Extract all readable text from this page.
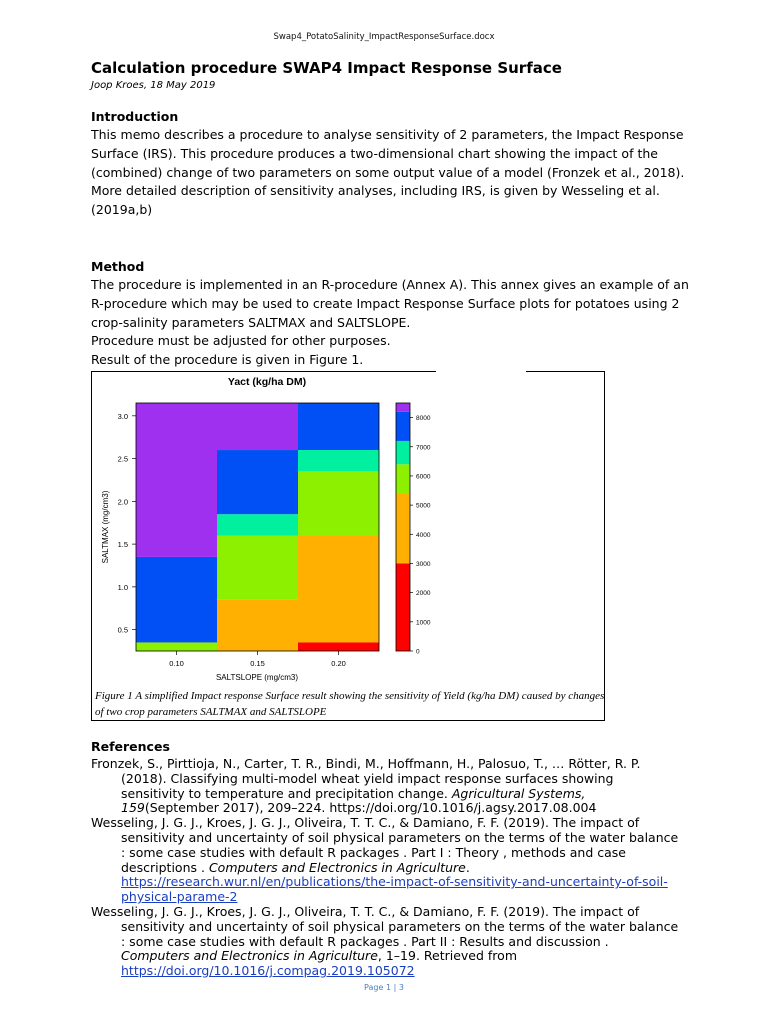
Swap4_PotatoSalinity_ImpactResponseSurface.docx
Calculation procedure SWAP4 Impact Response Surface
Joop Kroes, 18 May 2019
Introduction

This memo describes a procedure to analyse sensitivity of 2 parameters, the Impact Response Surface (IRS). This procedure produces a two-dimensional chart showing the impact of the (combined) change of two parameters on some output value of a model (Fronzek et al., 2018).

More detailed description of sensitivity analyses, including IRS, is given by Wesseling et al. (2019a,b)

Method

The procedure is implemented in an R-procedure (Annex A). This annex gives an example of an R-procedure which may be used to create Impact Response Surface plots for potatoes using 2 crop-salinity parameters SALTMAX and SALTSLOPE.

Procedure must be adjusted for other purposes.

Result of the procedure is given in Figure 1.

Yact (kg/ha DM)
0.10	0.15	0.20
0.5
1.0
1.5
2.0
2.5
3.0
SALTSLOPE (mg/cm3)
SALTMAX (mg/cm3)
0
1000
2000
3000
4000
5000
6000
7000
8000
Figure 1 A simplified Impact response Surface result showing the sensitivity of Yield (kg/ha DM) caused by changes of two crop parameters SALTMAX and SALTSLOPE
References

Fronzek, S., Pirttioja, N., Carter, T. R., Bindi, M., Hoffmann, H., Palosuo, T., … Rötter, R. P. (2018). Classifying multi-model wheat yield impact response surfaces showing sensitivity to temperature and precipitation change. Agricultural Systems, 159(September 2017), 209–224. https://doi.org/10.1016/j.agsy.2017.08.004

Wesseling, J. G. J., Kroes, J. G. J., Oliveira, T. T. C., & Damiano, F. F. (2019). The impact of sensitivity and uncertainty of soil physical parameters on the terms of the water balance : some case studies with default R packages . Part I : Theory , methods and case descriptions . Computers and Electronics in Agriculture. https://research.wur.nl/en/publications/the-impact-of-sensitivity-and-uncertainty-of-soil-physical-parame-2

Wesseling, J. G. J., Kroes, J. G. J., Oliveira, T. T. C., & Damiano, F. F. (2019). The impact of sensitivity and uncertainty of soil physical parameters on the terms of the water balance : some case studies with default R packages . Part II : Results and discussion . Computers and Electronics in Agriculture, 1–19. Retrieved from https://doi.org/10.1016/j.compag.2019.105072

Page 1 | 3
